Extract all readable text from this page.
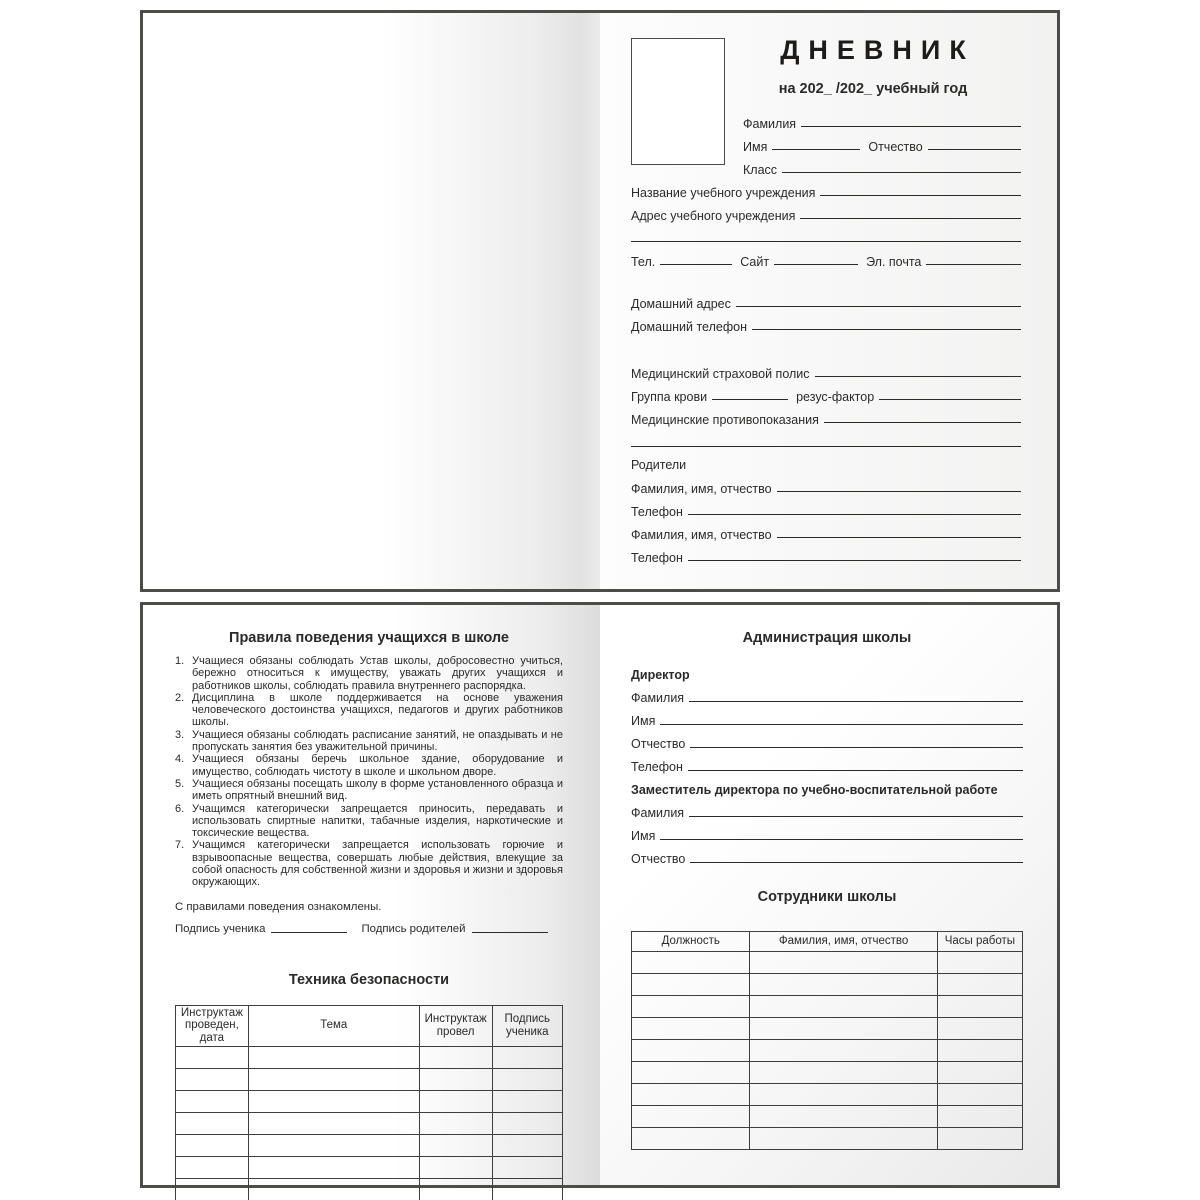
ДНЕВНИК
на 202_ /202_ учебный год
Фамилия
Имя	Отчество
Класс
Название учебного учреждения
Адрес учебного учреждения
Тел.	Сайт	Эл. почта
Домашний адрес
Домашний телефон
Медицинский страховой полис
Группа крови	резус-фактор
Медицинские противопоказания
Родители
Фамилия, имя, отчество
Телефон
Фамилия, имя, отчество
Телефон
Правила поведения учащихся в школе
1. Учащиеся обязаны соблюдать Устав школы, добросовестно учиться, бережно относиться к имуществу, уважать других учащихся и работников школы, соблюдать правила внутреннего распорядка.
2. Дисциплина в школе поддерживается на основе уважения человеческого достоинства учащихся, педагогов и других работников школы.
3. Учащиеся обязаны соблюдать расписание занятий, не опаздывать и не пропускать занятия без уважительной причины.
4. Учащиеся обязаны беречь школьное здание, оборудование и имущество, соблюдать чистоту в школе и школьном дворе.
5. Учащиеся обязаны посещать школу в форме установленного образца и иметь опрятный внешний вид.
6. Учащимся категорически запрещается приносить, передавать и использовать спиртные напитки, табачные изделия, наркотические и токсические вещества.
7. Учащимся категорически запрещается использовать горючие и взрывоопасные вещества, совершать любые действия, влекущие за собой опасность для собственной жизни и здоровья и жизни и здоровья окружающих.
С правилами поведения ознакомлены.
Подпись ученика	Подпись родителей
Техника безопасности
Инструктаж проведен, дата	Тема	Инструктаж провел	Подпись ученика

Администрация школы
Директор
Фамилия
Имя
Отчество
Телефон
Заместитель директора по учебно-воспитательной работе
Фамилия
Имя
Отчество
Сотрудники школы
Должность	Фамилия, имя, отчество	Часы работы
